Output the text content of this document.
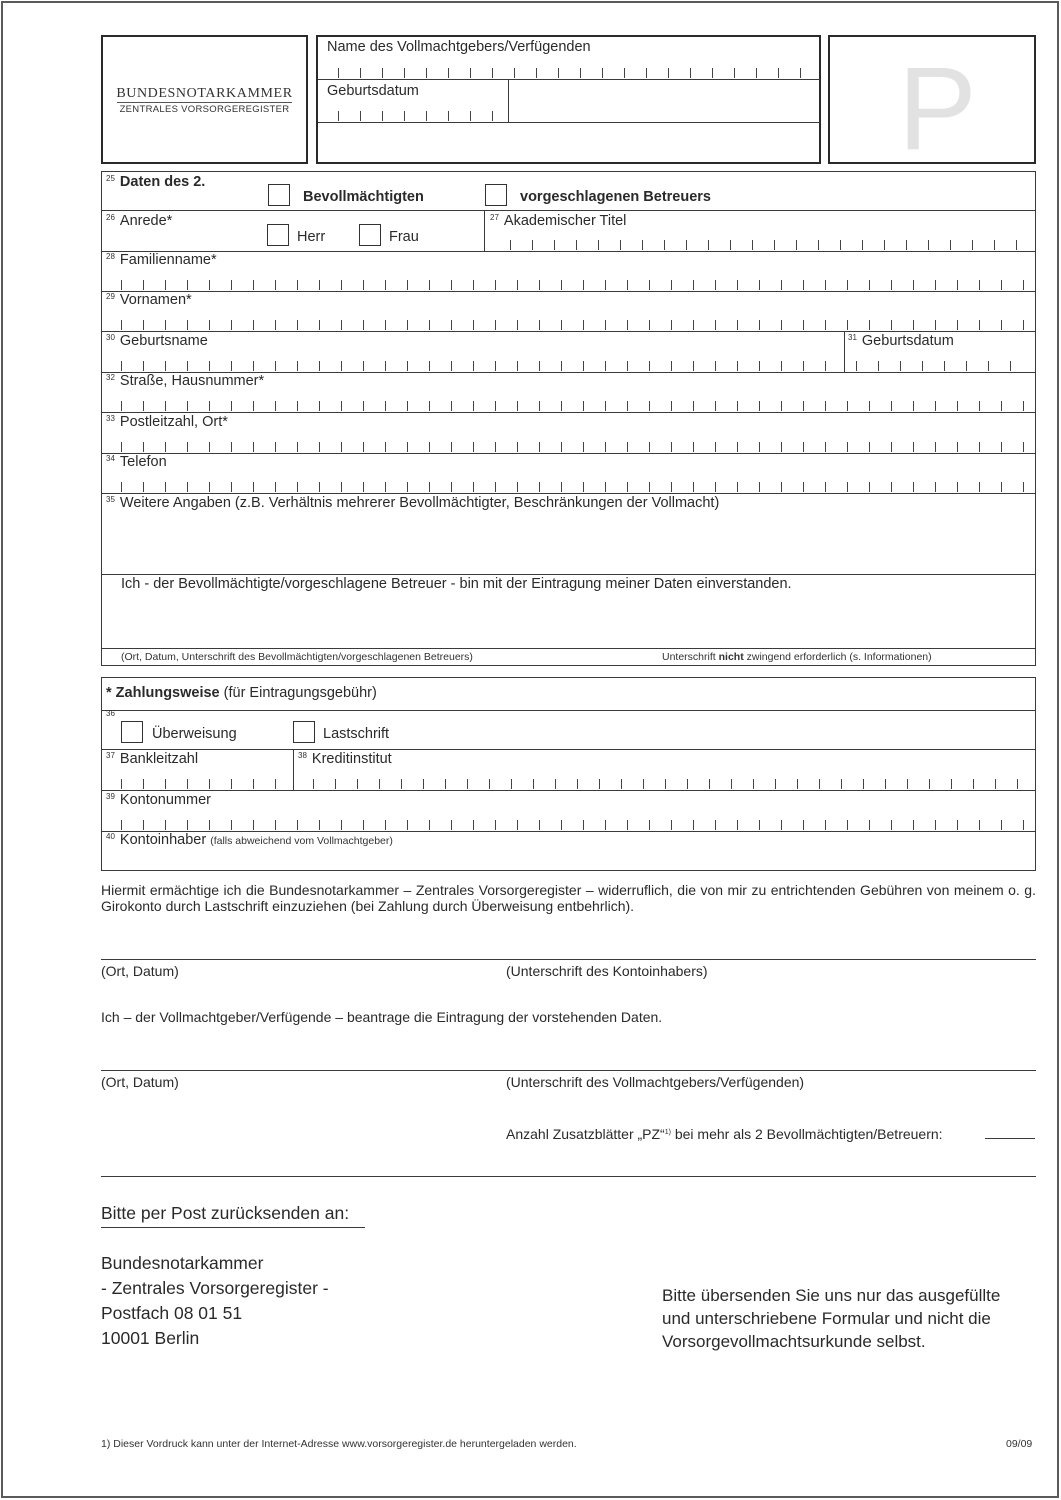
BUNDESNOTARKAMMER
ZENTRALES VORSORGEREGISTER
Name des Vollmachtgebers/Verfügenden
Geburtsdatum	P
$^{25}$ Daten des 2.
Bevollmächtigten	vorgeschlagenen Betreuers
$^{26}$ Anrede*
Herr	Frau
$^{27}$ Akademischer Titel
$^{28}$ Familienname*
$^{29}$ Vornamen*
$^{30}$ Geburtsname	$^{31}$ Geburtsdatum
$^{32}$ Straße, Hausnummer*
$^{33}$ Postleitzahl, Ort*
$^{34}$ Telefon
$^{35}$ Weitere Angaben (z.B. Verhältnis mehrerer Bevollmächtigter, Beschränkungen der Vollmacht)
Ich - der Bevollmächtigte/vorgeschlagene Betreuer - bin mit der Eintragung meiner Daten einverstanden.
(Ort, Datum, Unterschrift des Bevollmächtigten/vorgeschlagenen Betreuers)	Unterschrift nicht zwingend erforderlich (s. Informationen)
* Zahlungsweise (für Eintragungsgebühr)
$^{36}$
Überweisung	Lastschrift
$^{37}$ Bankleitzahl	$^{38}$ Kreditinstitut
$^{39}$ Kontonummer
$^{40}$ Kontoinhaber (falls abweichend vom Vollmachtgeber)
Hiermit ermächtige ich die Bundesnotarkammer – Zentrales Vorsorgeregister – widerruflich, die von mir zu entrichtenden Gebühren von meinem o. g. Girokonto durch Lastschrift einzuziehen (bei Zahlung durch Überweisung entbehrlich).
(Ort, Datum)	(Unterschrift des Kontoinhabers)
Ich – der Vollmachtgeber/Verfügende – beantrage die Eintragung der vorstehenden Daten.
(Ort, Datum)	(Unterschrift des Vollmachtgebers/Verfügenden)
Anzahl Zusatzblätter „PZ“$^{1)}$ bei mehr als 2 Bevollmächtigten/Betreuern:
Bitte per Post zurücksenden an:
Bundesnotarkammer
- Zentrales Vorsorgeregister -
Postfach 08 01 51
10001 Berlin
Bitte übersenden Sie uns nur das ausgefüllte
und unterschriebene Formular und nicht die
Vorsorgevollmachtsurkunde selbst.
1) Dieser Vordruck kann unter der Internet-Adresse www.vorsorgeregister.de heruntergeladen werden.	09/09
